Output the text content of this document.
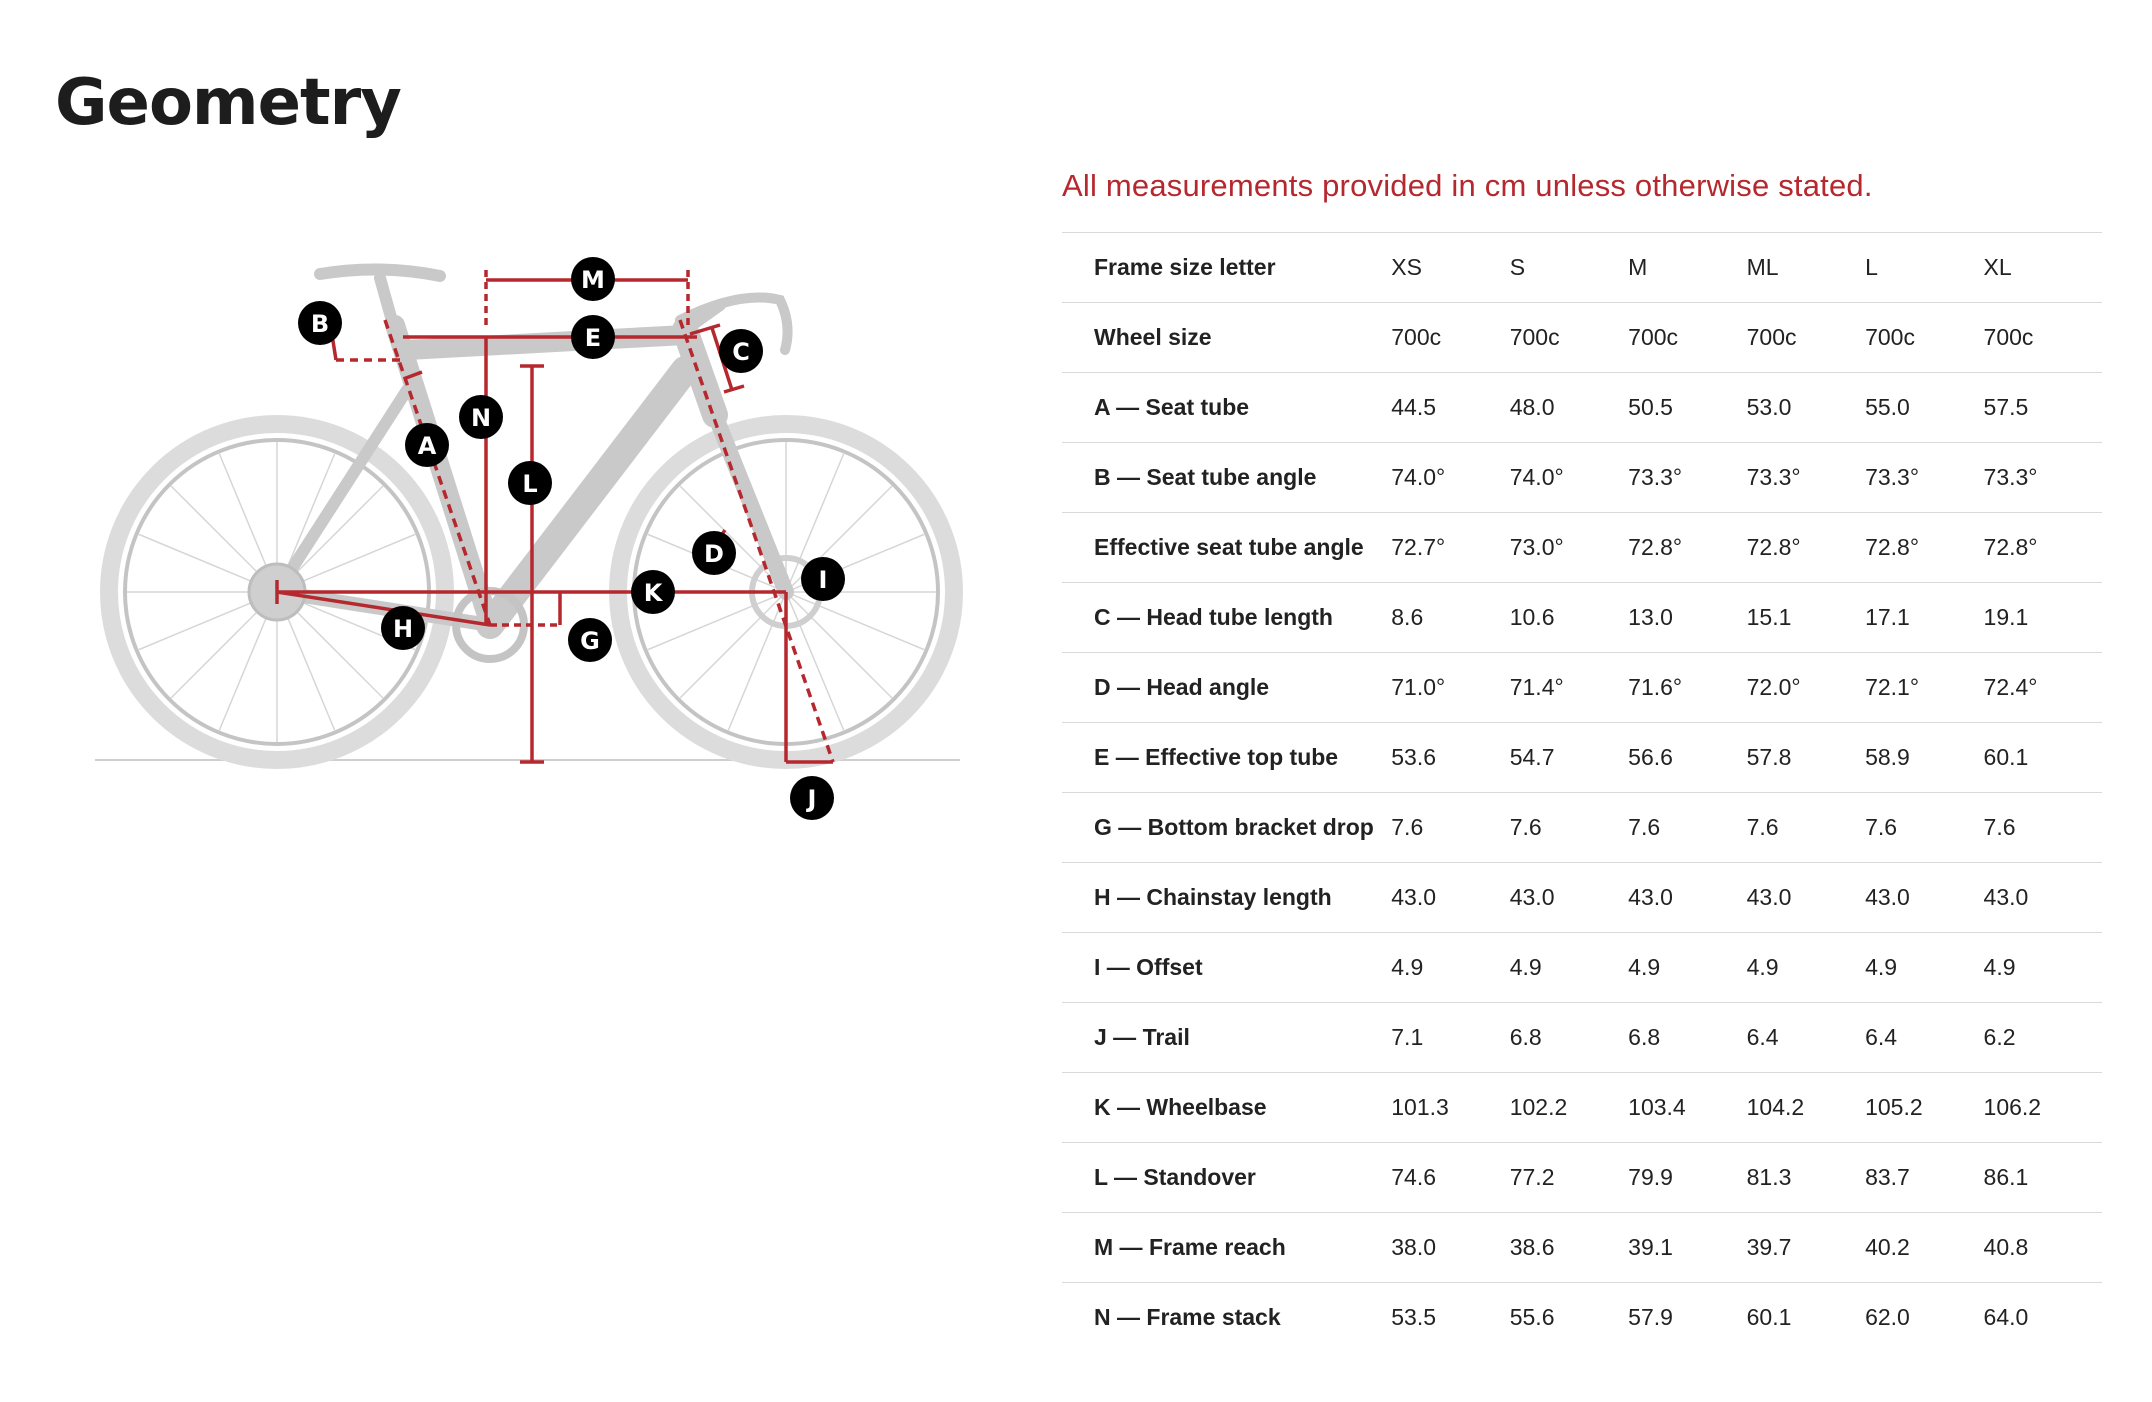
Geometry
B
M
E	C
N
A
L
D
I
K
H	G
J

All measurements provided in cm unless otherwise stated.

Frame size letter	XS	S	M	ML	L	XL
Wheel size	700c	700c	700c	700c	700c	700c
A — Seat tube	44.5	48.0	50.5	53.0	55.0	57.5
B — Seat tube angle	74.0°	74.0°	73.3°	73.3°	73.3°	73.3°
Effective seat tube angle	72.7°	73.0°	72.8°	72.8°	72.8°	72.8°
C — Head tube length	8.6	10.6	13.0	15.1	17.1	19.1
D — Head angle	71.0°	71.4°	71.6°	72.0°	72.1°	72.4°
E — Effective top tube	53.6	54.7	56.6	57.8	58.9	60.1
G — Bottom bracket drop	7.6	7.6	7.6	7.6	7.6	7.6
H — Chainstay length	43.0	43.0	43.0	43.0	43.0	43.0
I — Offset	4.9	4.9	4.9	4.9	4.9	4.9
J — Trail	7.1	6.8	6.8	6.4	6.4	6.2
K — Wheelbase	101.3	102.2	103.4	104.2	105.2	106.2
L — Standover	74.6	77.2	79.9	81.3	83.7	86.1
M — Frame reach	38.0	38.6	39.1	39.7	40.2	40.8
N — Frame stack	53.5	55.6	57.9	60.1	62.0	64.0
